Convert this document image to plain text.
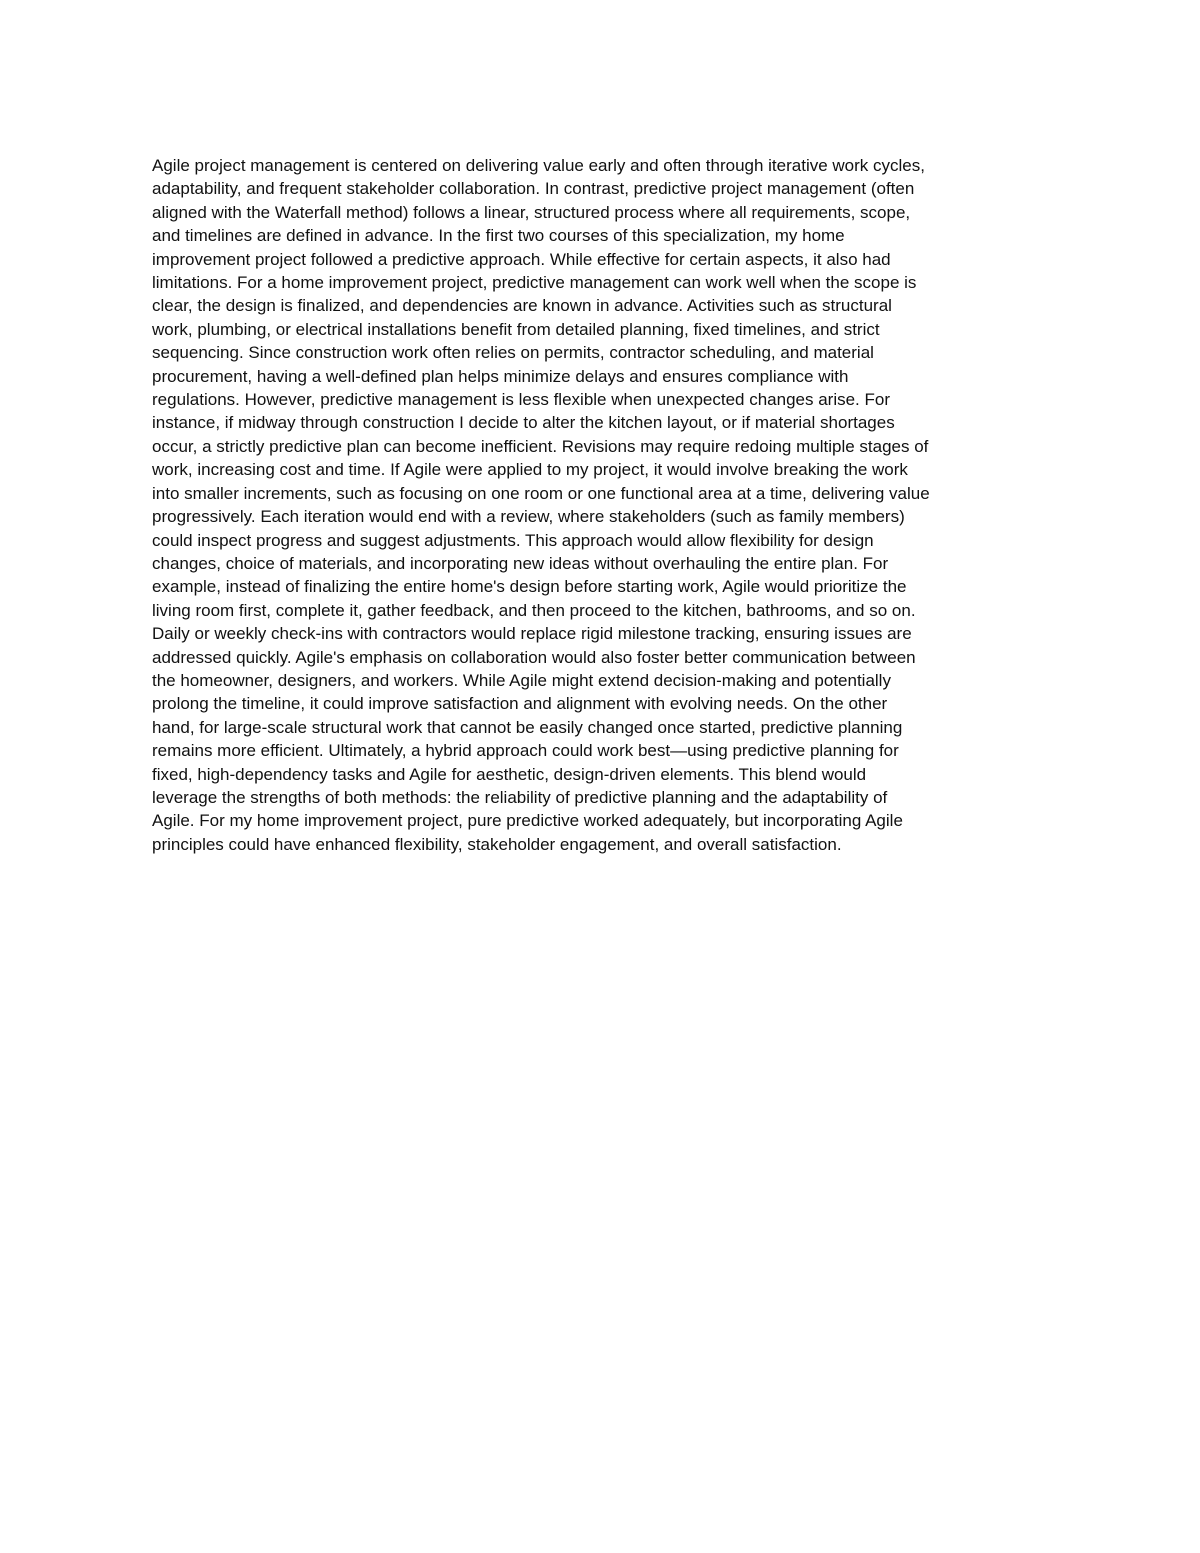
Agile project management is centered on delivering value early and often through iterative work cycles,
adaptability, and frequent stakeholder collaboration. In contrast, predictive project management (often
aligned with the Waterfall method) follows a linear, structured process where all requirements, scope,
and timelines are defined in advance. In the first two courses of this specialization, my home
improvement project followed a predictive approach. While effective for certain aspects, it also had
limitations. For a home improvement project, predictive management can work well when the scope is
clear, the design is finalized, and dependencies are known in advance. Activities such as structural
work, plumbing, or electrical installations benefit from detailed planning, fixed timelines, and strict
sequencing. Since construction work often relies on permits, contractor scheduling, and material
procurement, having a well-defined plan helps minimize delays and ensures compliance with
regulations. However, predictive management is less flexible when unexpected changes arise. For
instance, if midway through construction I decide to alter the kitchen layout, or if material shortages
occur, a strictly predictive plan can become inefficient. Revisions may require redoing multiple stages of
work, increasing cost and time. If Agile were applied to my project, it would involve breaking the work
into smaller increments, such as focusing on one room or one functional area at a time, delivering value
progressively. Each iteration would end with a review, where stakeholders (such as family members)
could inspect progress and suggest adjustments. This approach would allow flexibility for design
changes, choice of materials, and incorporating new ideas without overhauling the entire plan. For
example, instead of finalizing the entire home's design before starting work, Agile would prioritize the
living room first, complete it, gather feedback, and then proceed to the kitchen, bathrooms, and so on.
Daily or weekly check-ins with contractors would replace rigid milestone tracking, ensuring issues are
addressed quickly. Agile's emphasis on collaboration would also foster better communication between
the homeowner, designers, and workers. While Agile might extend decision-making and potentially
prolong the timeline, it could improve satisfaction and alignment with evolving needs. On the other
hand, for large-scale structural work that cannot be easily changed once started, predictive planning
remains more efficient. Ultimately, a hybrid approach could work best—using predictive planning for
fixed, high-dependency tasks and Agile for aesthetic, design-driven elements. This blend would
leverage the strengths of both methods: the reliability of predictive planning and the adaptability of
Agile. For my home improvement project, pure predictive worked adequately, but incorporating Agile
principles could have enhanced flexibility, stakeholder engagement, and overall satisfaction.
